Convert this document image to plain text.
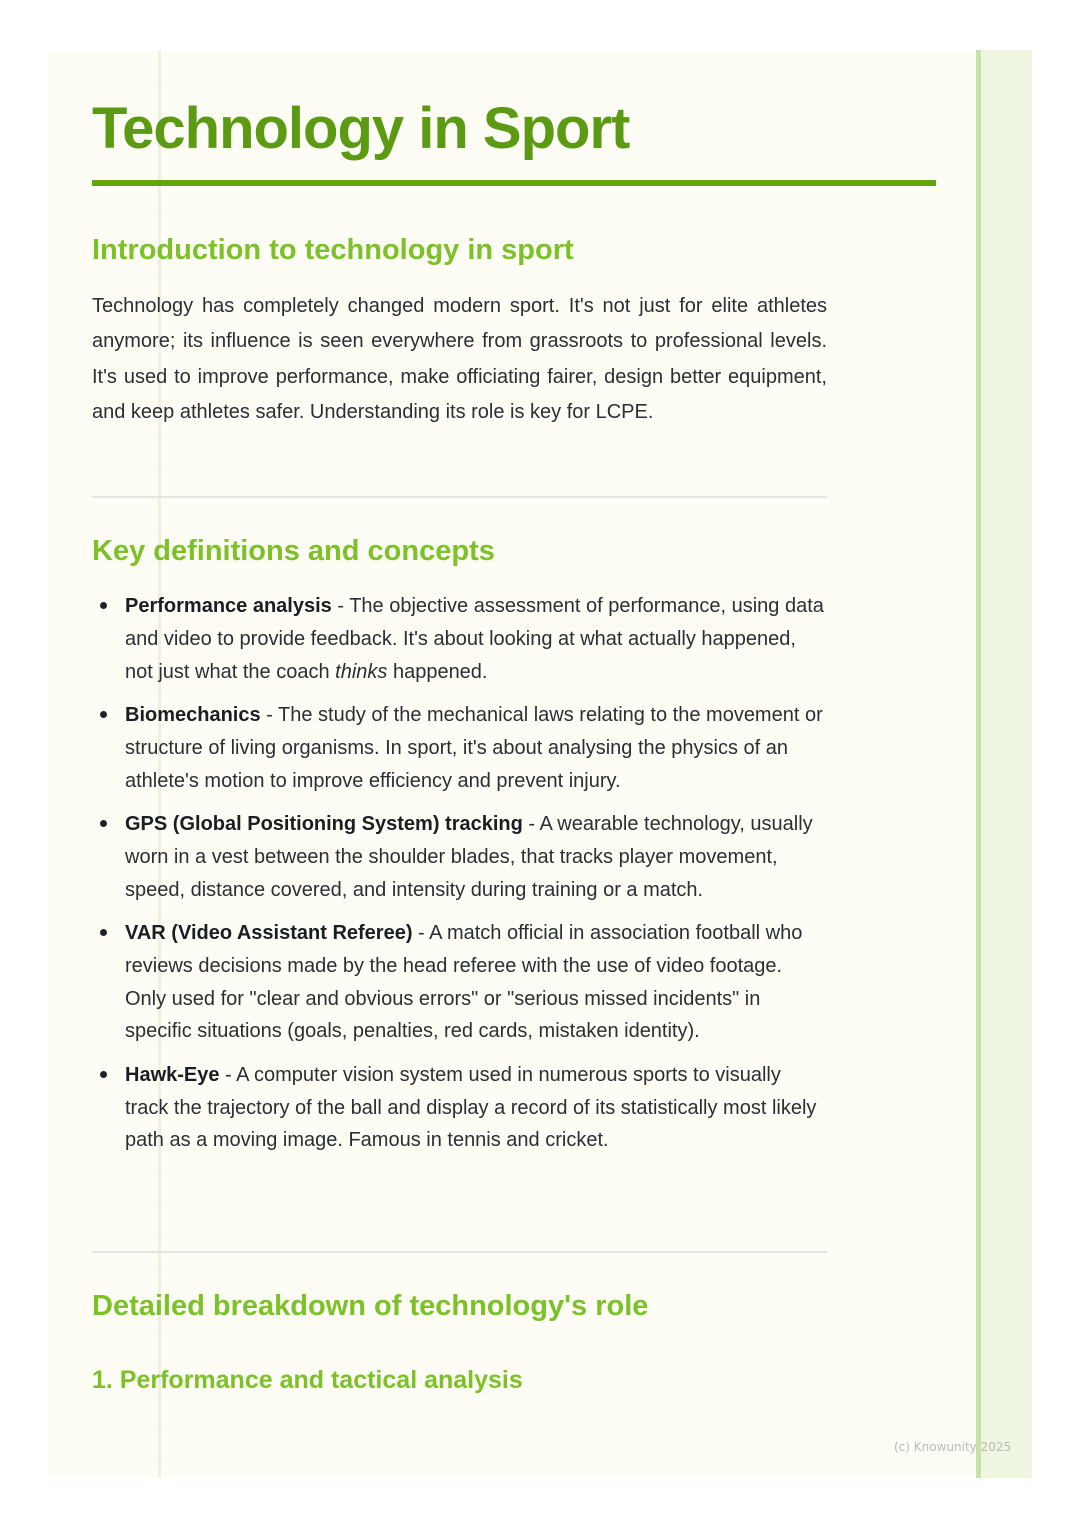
Technology in Sport
Introduction to technology in sport

Technology has completely changed modern sport. It's not just for elite athletes anymore; its influence is seen everywhere from grassroots to professional levels. It's used to improve performance, make officiating fairer, design better equipment, and keep athletes safer. Understanding its role is key for LCPE.

Key definitions and concepts
Performance analysis - The objective assessment of performance, using data and video to provide feedback. It's about looking at what actually happened, not just what the coach thinks happened.
Biomechanics - The study of the mechanical laws relating to the movement or structure of living organisms. In sport, it's about analysing the physics of an athlete's motion to improve efficiency and prevent injury.
GPS (Global Positioning System) tracking - A wearable technology, usually worn in a vest between the shoulder blades, that tracks player movement, speed, distance covered, and intensity during training or a match.
VAR (Video Assistant Referee) - A match official in association football who reviews decisions made by the head referee with the use of video footage. Only used for "clear and obvious errors" or "serious missed incidents" in specific situations (goals, penalties, red cards, mistaken identity).
Hawk-Eye - A computer vision system used in numerous sports to visually track the trajectory of the ball and display a record of its statistically most likely path as a moving image. Famous in tennis and cricket.
Detailed breakdown of technology's role
1. Performance and tactical analysis
(c) Knowunity 2025
